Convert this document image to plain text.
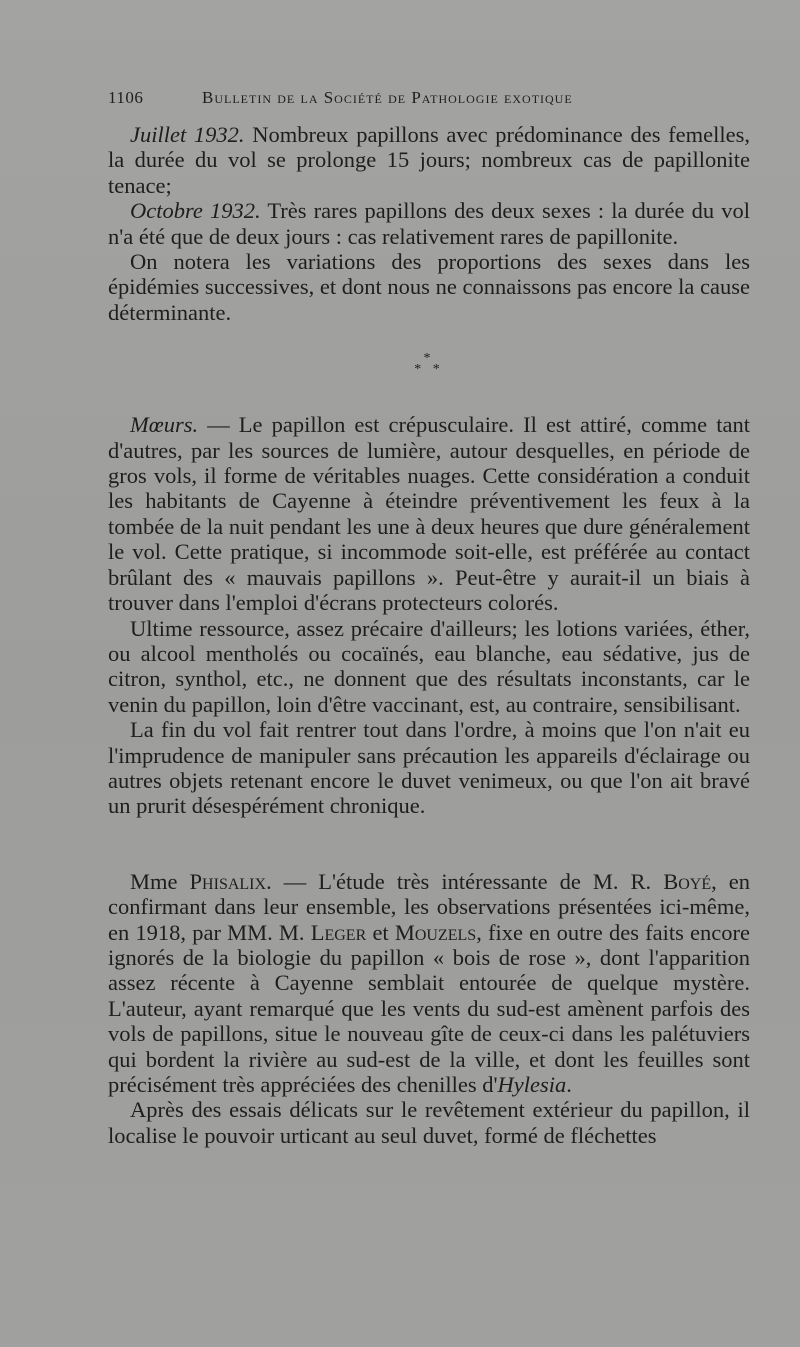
1106	Bulletin de la Société de Pathologie exotique

Juillet 1932. Nombreux papillons avec prédominance des femelles, la durée du vol se prolonge 15 jours; nombreux cas de papillonite tenace;

Octobre 1932. Très rares papillons des deux sexes : la durée du vol n'a été que de deux jours : cas relativement rares de papillonite.

On notera les variations des proportions des sexes dans les épidémies successives, et dont nous ne connaissons pas encore la cause déterminante.

*
* *

Mœurs. — Le papillon est crépusculaire. Il est attiré, comme tant d'autres, par les sources de lumière, autour desquelles, en période de gros vols, il forme de véritables nuages. Cette considération a conduit les habitants de Cayenne à éteindre préventivement les feux à la tombée de la nuit pendant les une à deux heures que dure généralement le vol. Cette pratique, si incommode soit-elle, est préférée au contact brûlant des « mauvais papillons ». Peut-être y aurait-il un biais à trouver dans l'emploi d'écrans protecteurs colorés.

Ultime ressource, assez précaire d'ailleurs; les lotions variées, éther, ou alcool mentholés ou cocaïnés, eau blanche, eau sédative, jus de citron, synthol, etc., ne donnent que des résultats inconstants, car le venin du papillon, loin d'être vaccinant, est, au contraire, sensibilisant.

La fin du vol fait rentrer tout dans l'ordre, à moins que l'on n'ait eu l'imprudence de manipuler sans précaution les appareils d'éclairage ou autres objets retenant encore le duvet venimeux, ou que l'on ait bravé un prurit désespérément chronique.

Mme Phisalix. — L'étude très intéressante de M. R. Boyé, en confirmant dans leur ensemble, les observations présentées ici-même, en 1918, par MM. M. Leger et Mouzels, fixe en outre des faits encore ignorés de la biologie du papillon « bois de rose », dont l'apparition assez récente à Cayenne semblait entourée de quelque mystère. L'auteur, ayant remarqué que les vents du sud-est amènent parfois des vols de papillons, situe le nouveau gîte de ceux-ci dans les palétuviers qui bordent la rivière au sud-est de la ville, et dont les feuilles sont précisément très appréciées des chenilles d'Hylesia.

Après des essais délicats sur le revêtement extérieur du papillon, il localise le pouvoir urticant au seul duvet, formé de fléchettes
